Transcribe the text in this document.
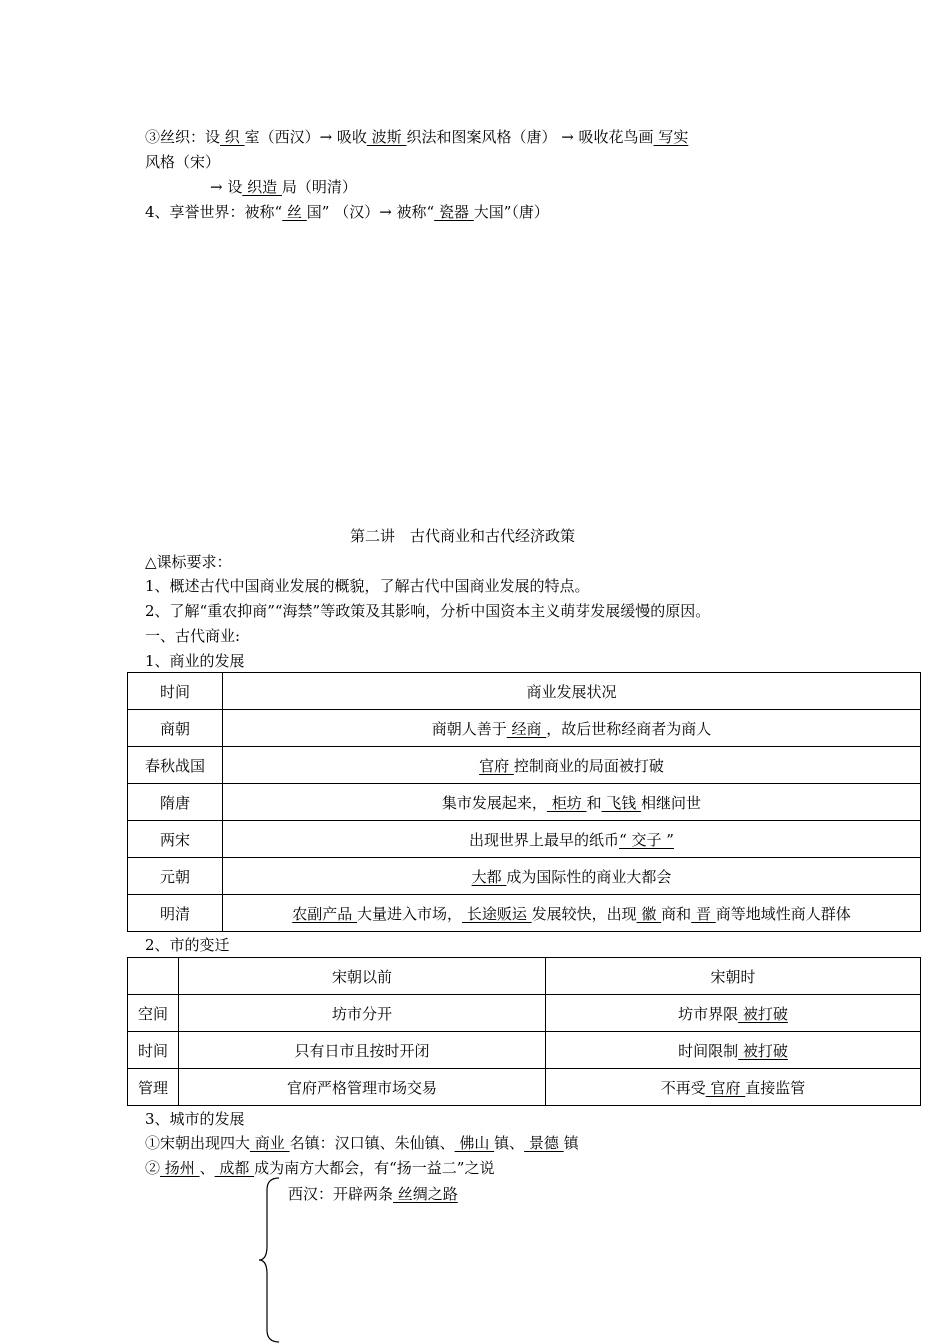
③丝织：设 织 室（西汉）→ 吸收 波斯 织法和图案风格（唐） → 吸收花鸟画 写实
风格（宋）
→ 设 织造 局（明清）
4、享誉世界：被称“ 丝 国” （汉）→ 被称“ 瓷器 大国”（唐）
第二讲　古代商业和古代经济政策
△课标要求：
1、概述古代中国商业发展的概貌，了解古代中国商业发展的特点。
2、了解“重农抑商”“海禁”等政策及其影响，分析中国资本主义萌芽发展缓慢的原因。
一、古代商业:
1、商业的发展
时间	商业发展状况
商朝	商朝人善于 经商 ，故后世称经商者为商人
春秋战国	官府 控制商业的局面被打破
隋唐	集市发展起来， 柜坊 和 飞钱 相继问世
两宋	出现世界上最早的纸币“ 交子 ”
元朝	大都 成为国际性的商业大都会
明清	农副产品 大量进入市场， 长途贩运 发展较快，出现 徽 商和 晋 商等地域性商人群体
2、市的变迁
	宋朝以前	宋朝时
空间	坊市分开	坊市界限 被打破
时间	只有日市且按时开闭	时间限制 被打破
管理	官府严格管理市场交易	不再受 官府 直接监管
3、城市的发展
①宋朝出现四大 商业 名镇：汉口镇、朱仙镇、 佛山 镇、 景德 镇
② 扬州 、 成都 成为南方大都会，有“扬一益二”之说
西汉：开辟两条 丝绸之路
